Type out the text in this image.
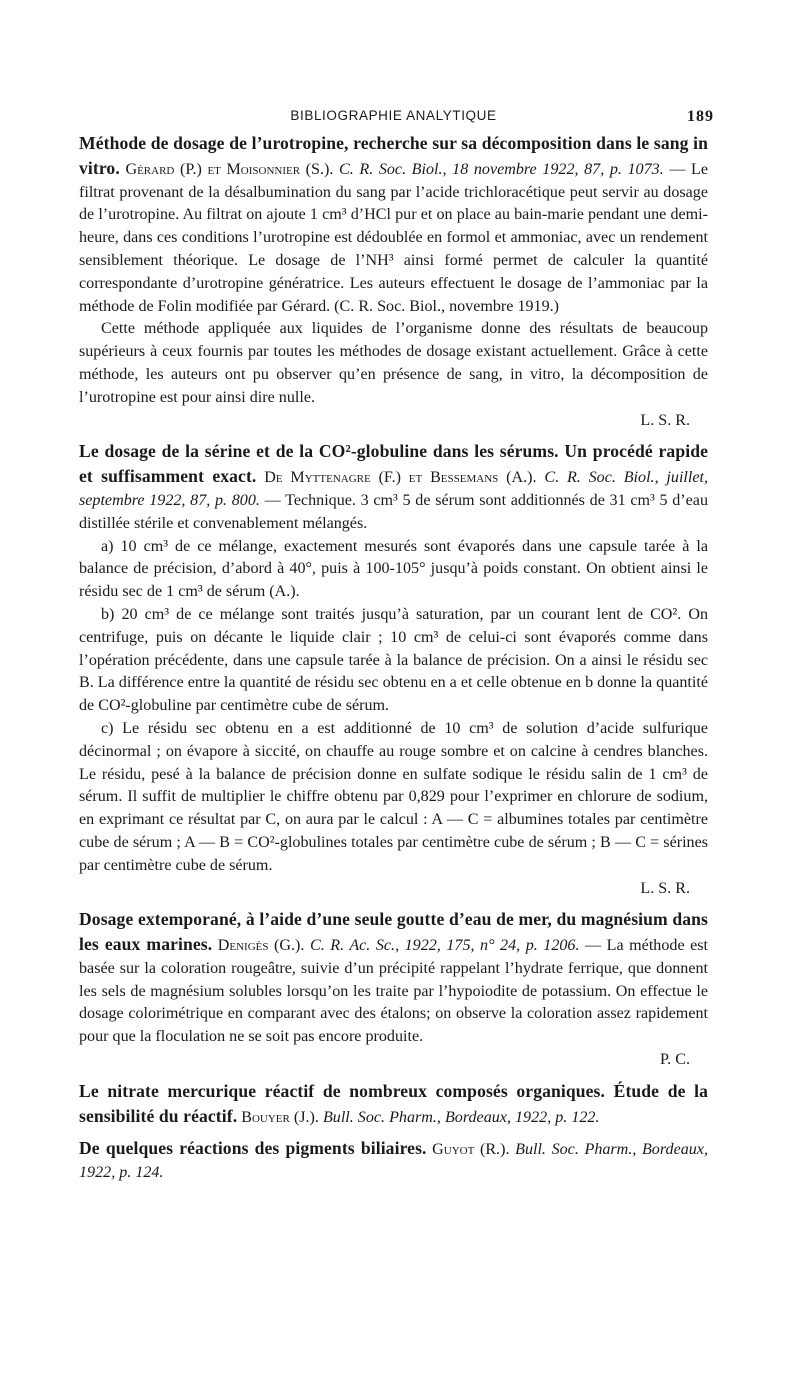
BIBLIOGRAPHIE ANALYTIQUE	189

Méthode de dosage de l’urotropine, recherche sur sa décomposition dans le sang in vitro. Gérard (P.) et Moisonnier (S.). C. R. Soc. Biol., 18 novembre 1922, 87, p. 1073. — Le filtrat provenant de la désalbumination du sang par l’acide trichloracétique peut servir au dosage de l’urotropine. Au filtrat on ajoute 1 cm³ d’HCl pur et on place au bain-marie pendant une demi-heure, dans ces conditions l’urotropine est dédoublée en formol et ammoniac, avec un rendement sensiblement théorique. Le dosage de l’NH³ ainsi formé permet de calculer la quantité correspondante d’urotropine génératrice. Les auteurs effectuent le dosage de l’ammoniac par la méthode de Folin modifiée par Gérard. (C. R. Soc. Biol., novembre 1919.)

Cette méthode appliquée aux liquides de l’organisme donne des résultats de beaucoup supérieurs à ceux fournis par toutes les méthodes de dosage existant actuellement. Grâce à cette méthode, les auteurs ont pu observer qu’en présence de sang, in vitro, la décomposition de l’urotropine est pour ainsi dire nulle.
L. S. R.

Le dosage de la sérine et de la CO²-globuline dans les sérums. Un procédé rapide et suffisamment exact. De Myttenagre (F.) et Bessemans (A.). C. R. Soc. Biol., juillet, septembre 1922, 87, p. 800. — Technique. 3 cm³ 5 de sérum sont additionnés de 31 cm³ 5 d’eau distillée stérile et convenablement mélangés.

a) 10 cm³ de ce mélange, exactement mesurés sont évaporés dans une capsule tarée à la balance de précision, d’abord à 40°, puis à 100-105° jusqu’à poids constant. On obtient ainsi le résidu sec de 1 cm³ de sérum (A.).

b) 20 cm³ de ce mélange sont traités jusqu’à saturation, par un courant lent de CO². On centrifuge, puis on décante le liquide clair ; 10 cm³ de celui-ci sont évaporés comme dans l’opération précédente, dans une capsule tarée à la balance de précision. On a ainsi le résidu sec B. La différence entre la quantité de résidu sec obtenu en a et celle obtenue en b donne la quantité de CO²-globuline par centimètre cube de sérum.

c) Le résidu sec obtenu en a est additionné de 10 cm³ de solution d’acide sulfurique décinormal ; on évapore à siccité, on chauffe au rouge sombre et on calcine à cendres blanches. Le résidu, pesé à la balance de précision donne en sulfate sodique le résidu salin de 1 cm³ de sérum. Il suffit de multiplier le chiffre obtenu par 0,829 pour l’exprimer en chlorure de sodium, en exprimant ce résultat par C, on aura par le calcul : A — C = albumines totales par centimètre cube de sérum ; A — B = CO²-globulines totales par centimètre cube de sérum ; B — C = sérines par centimètre cube de sérum.
L. S. R.

Dosage extemporané, à l’aide d’une seule goutte d’eau de mer, du magnésium dans les eaux marines. Denigès (G.). C. R. Ac. Sc., 1922, 175, n° 24, p. 1206. — La méthode est basée sur la coloration rougeâtre, suivie d’un précipité rappelant l’hydrate ferrique, que donnent les sels de magnésium solubles lorsqu’on les traite par l’hypoiodite de potassium. On effectue le dosage colorimétrique en comparant avec des étalons; on observe la coloration assez rapidement pour que la floculation ne se soit pas encore produite.
P. C.

Le nitrate mercurique réactif de nombreux composés organiques. Étude de la sensibilité du réactif. Bouyer (J.). Bull. Soc. Pharm., Bordeaux, 1922, p. 122.

De quelques réactions des pigments biliaires. Guyot (R.). Bull. Soc. Pharm., Bordeaux, 1922, p. 124.
